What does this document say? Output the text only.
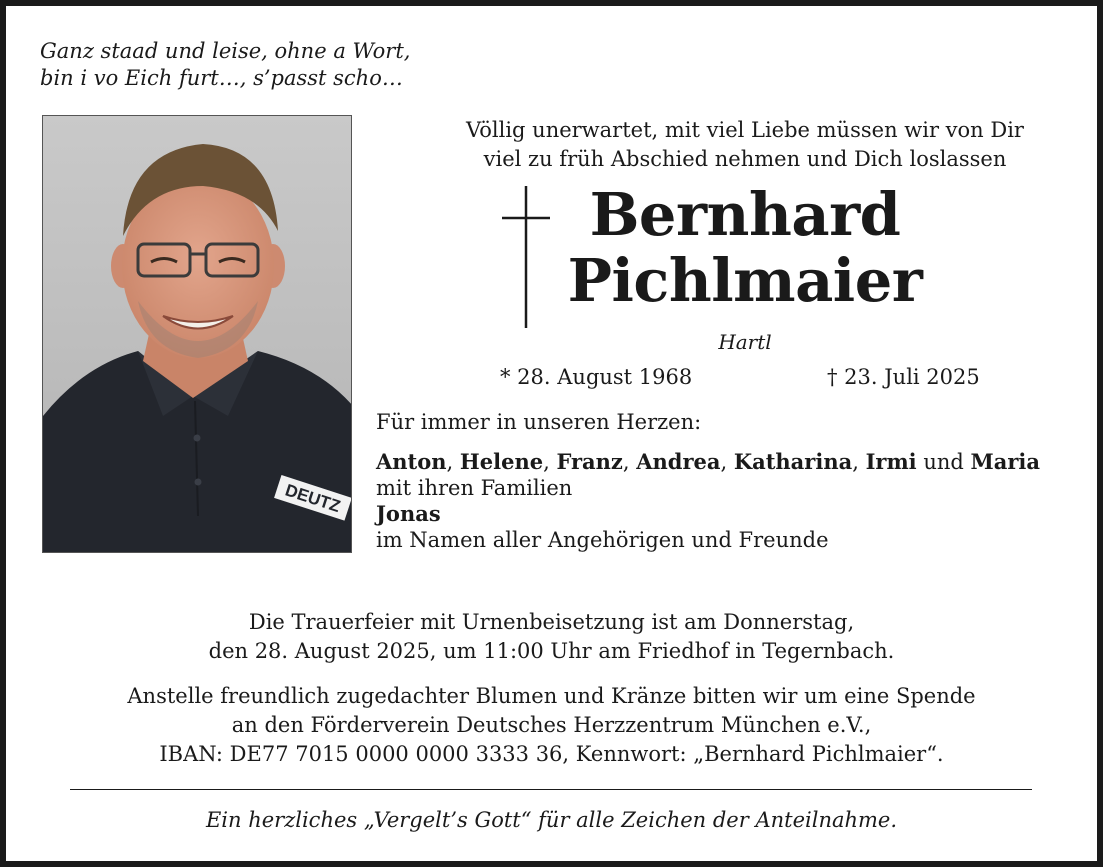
Ganz staad und leise, ohne a Wort,
bin i vo Eich furt…, s’passt scho…
DEUTZ
Völlig unerwartet, mit viel Liebe müssen wir von Dir
viel zu früh Abschied nehmen und Dich loslassen
Bernhard
Pichlmaier
Hartl
* 28. August 1968	† 23. Juli 2025
Für immer in unseren Herzen:
Anton, Helene, Franz, Andrea, Katharina, Irmi und Maria
mit ihren Familien
Jonas
im Namen aller Angehörigen und Freunde
Die Trauerfeier mit Urnenbeisetzung ist am Donnerstag,
den 28. August 2025, um 11:00 Uhr am Friedhof in Tegernbach.
Anstelle freundlich zugedachter Blumen und Kränze bitten wir um eine Spende
an den Förderverein Deutsches Herzzentrum München e.V.,
IBAN: DE77 7015 0000 0000 3333 36, Kennwort: „Bernhard Pichlmaier“.
Ein herzliches „Vergelt’s Gott“ für alle Zeichen der Anteilnahme.
